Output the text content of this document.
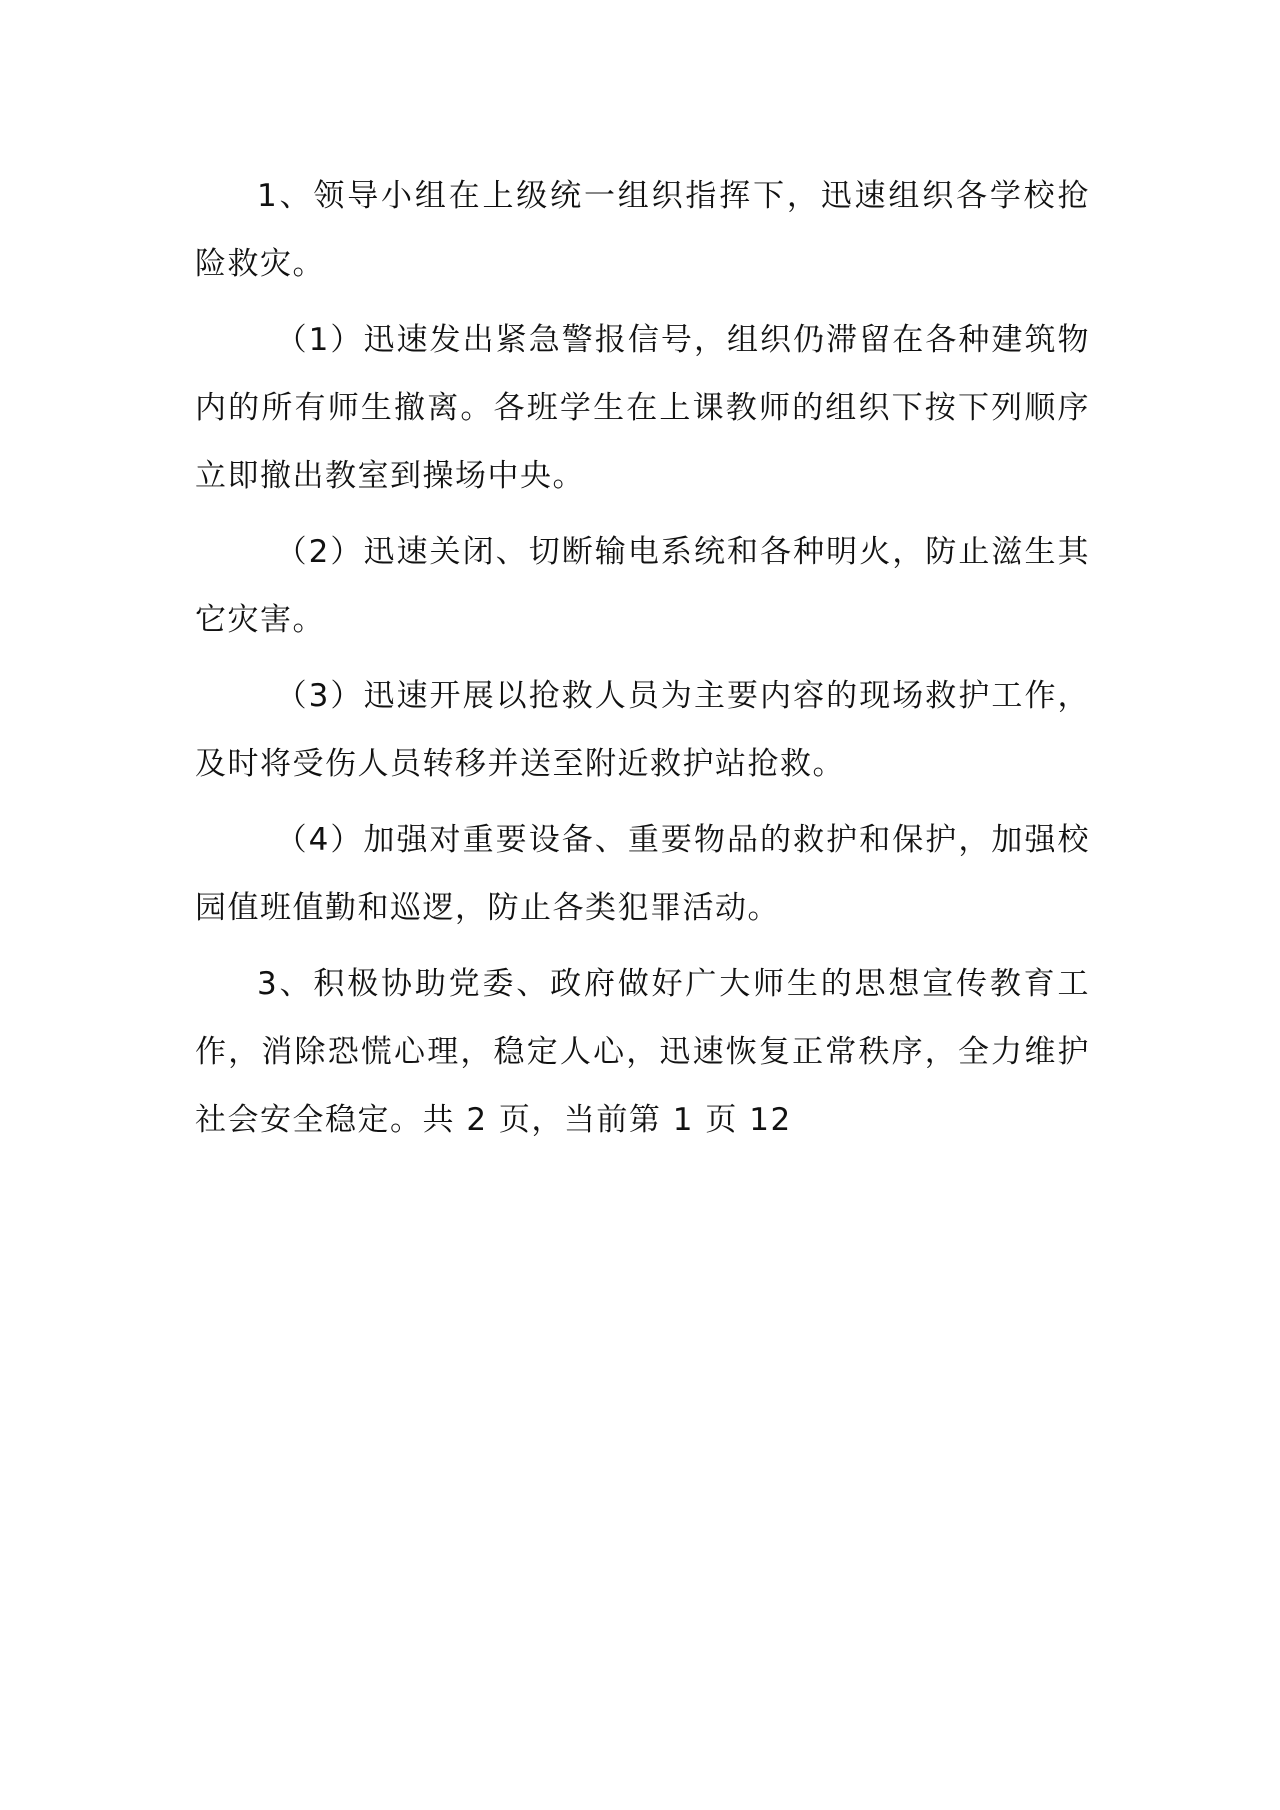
1、领导小组在上级统一组织指挥下，迅速组织各学校抢险救灾。

（1）迅速发出紧急警报信号，组织仍滞留在各种建筑物内的所有师生撤离。各班学生在上课教师的组织下按下列顺序立即撤出教室到操场中央。

（2）迅速关闭、切断输电系统和各种明火，防止滋生其它灾害。

（3）迅速开展以抢救人员为主要内容的现场救护工作，及时将受伤人员转移并送至附近救护站抢救。

（4）加强对重要设备、重要物品的救护和保护，加强校园值班值勤和巡逻，防止各类犯罪活动。

3、积极协助党委、政府做好广大师生的思想宣传教育工作，消除恐慌心理，稳定人心，迅速恢复正常秩序，全力维护社会安全稳定。共 2 页，当前第 1 页 12
